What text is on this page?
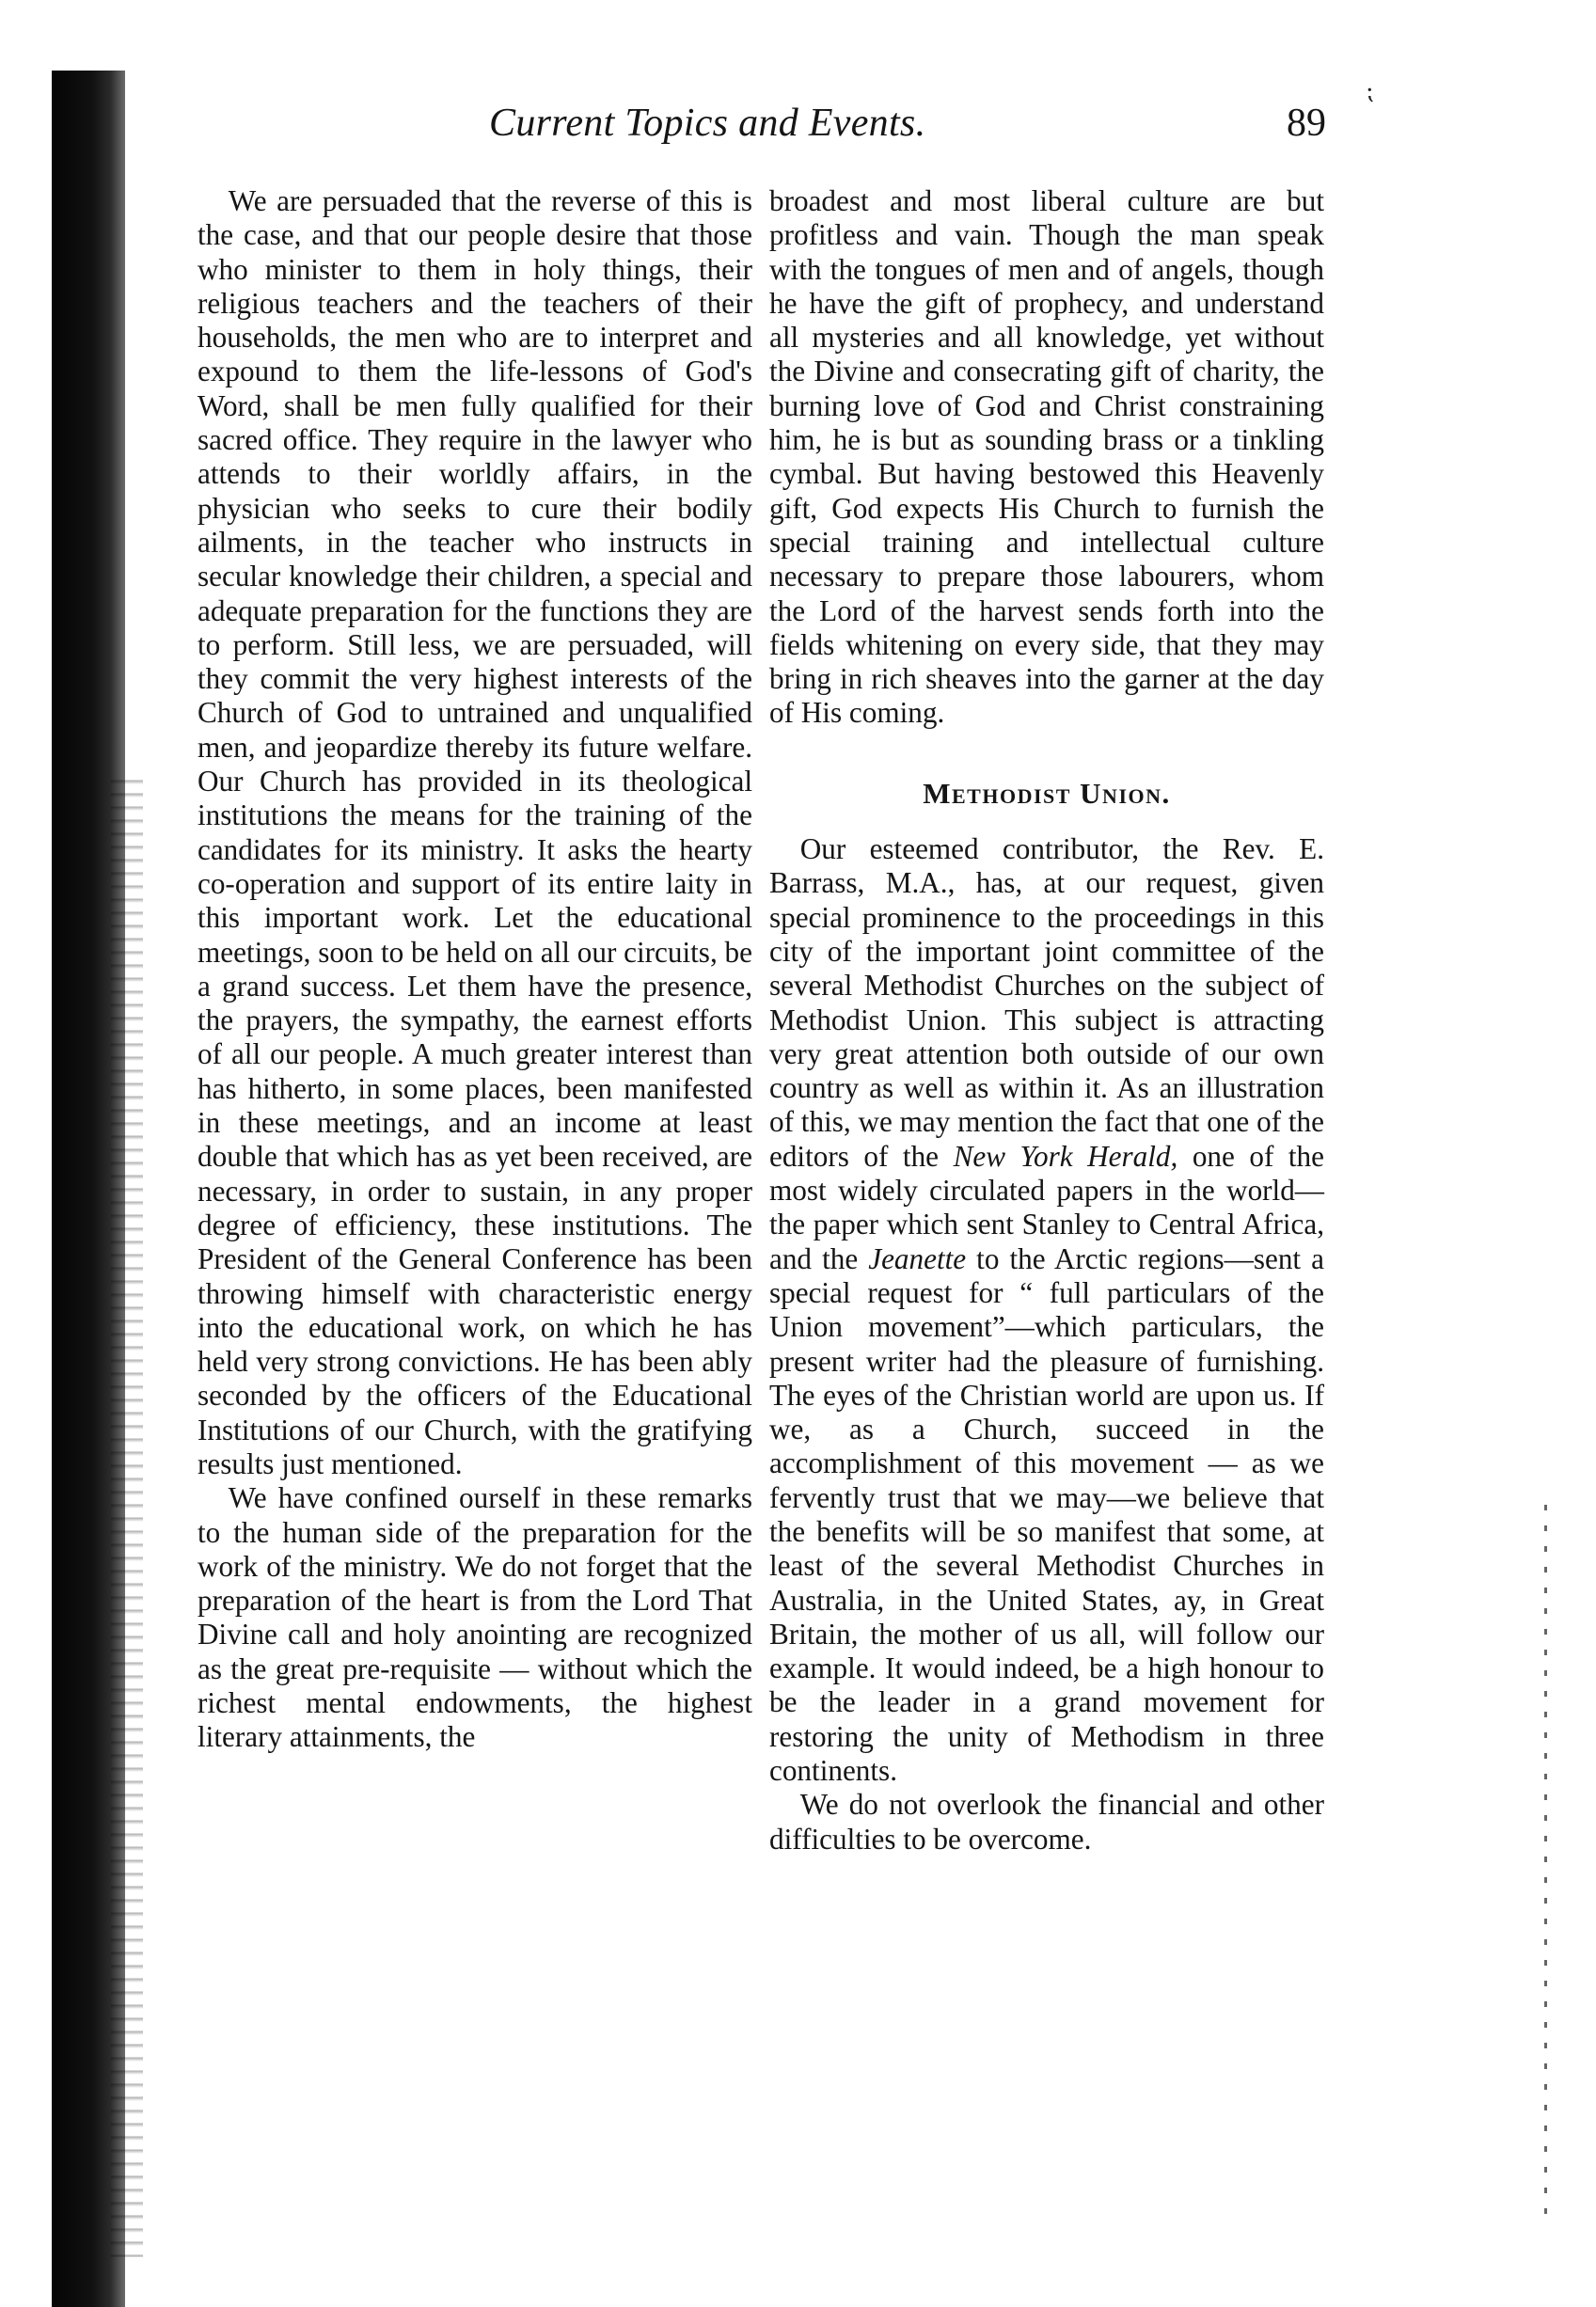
⁏
Current Topics and Events.	89

We are persuaded that the reverse of this is the case, and that our people desire that those who minister to them in holy things, their religious teachers and the teachers of their households, the men who are to interpret and expound to them the life-lessons of God's Word, shall be men fully qualified for their sacred office. They require in the lawyer who attends to their worldly affairs, in the physician who seeks to cure their bodily ailments, in the teacher who instructs in secular knowledge their children, a special and adequate preparation for the functions they are to perform. Still less, we are persuaded, will they commit the very highest interests of the Church of God to untrained and unqualified men, and jeopardize thereby its future welfare. Our Church has provided in its theological institutions the means for the training of the candidates for its ministry. It asks the hearty co-operation and support of its entire laity in this important work. Let the educational meetings, soon to be held on all our circuits, be a grand success. Let them have the presence, the prayers, the sympathy, the earnest efforts of all our people. A much greater interest than has hitherto, in some places, been manifested in these meetings, and an income at least double that which has as yet been received, are necessary, in order to sustain, in any proper degree of efficiency, these institutions. The President of the General Conference has been throwing himself with characteristic energy into the educational work, on which he has held very strong convictions. He has been ably seconded by the officers of the Educational Institutions of our Church, with the gratifying results just mentioned.

We have confined ourself in these remarks to the human side of the preparation for the work of the ministry. We do not forget that the preparation of the heart is from the Lord That Divine call and holy anointing are recognized as the great pre-requisite — without which the richest mental endowments, the highest literary attainments, the

broadest and most liberal culture are but profitless and vain. Though the man speak with the tongues of men and of angels, though he have the gift of prophecy, and understand all mysteries and all knowledge, yet without the Divine and consecrating gift of charity, the burning love of God and Christ constraining him, he is but as sounding brass or a tinkling cymbal. But having bestowed this Heavenly gift, God expects His Church to furnish the special training and intellectual culture necessary to prepare those labourers, whom the Lord of the harvest sends forth into the fields whitening on every side, that they may bring in rich sheaves into the garner at the day of His coming.

Methodist Union.

Our esteemed contributor, the Rev. E. Barrass, M.A., has, at our request, given special prominence to the proceedings in this city of the important joint committee of the several Methodist Churches on the subject of Methodist Union. This subject is attracting very great attention both outside of our own country as well as within it. As an illustration of this, we may mention the fact that one of the editors of the New York Herald, one of the most widely circulated papers in the world—the paper which sent Stanley to Central Africa, and the Jeanette to the Arctic regions—sent a special request for “ full particulars of the Union movement”—which particulars, the present writer had the pleasure of furnishing. The eyes of the Christian world are upon us. If we, as a Church, succeed in the accomplishment of this movement — as we fervently trust that we may—we believe that the benefits will be so manifest that some, at least of the several Methodist Churches in Australia, in the United States, ay, in Great Britain, the mother of us all, will follow our example. It would indeed, be a high honour to be the leader in a grand movement for restoring the unity of Methodism in three continents.

We do not overlook the financial and other difficulties to be overcome.
